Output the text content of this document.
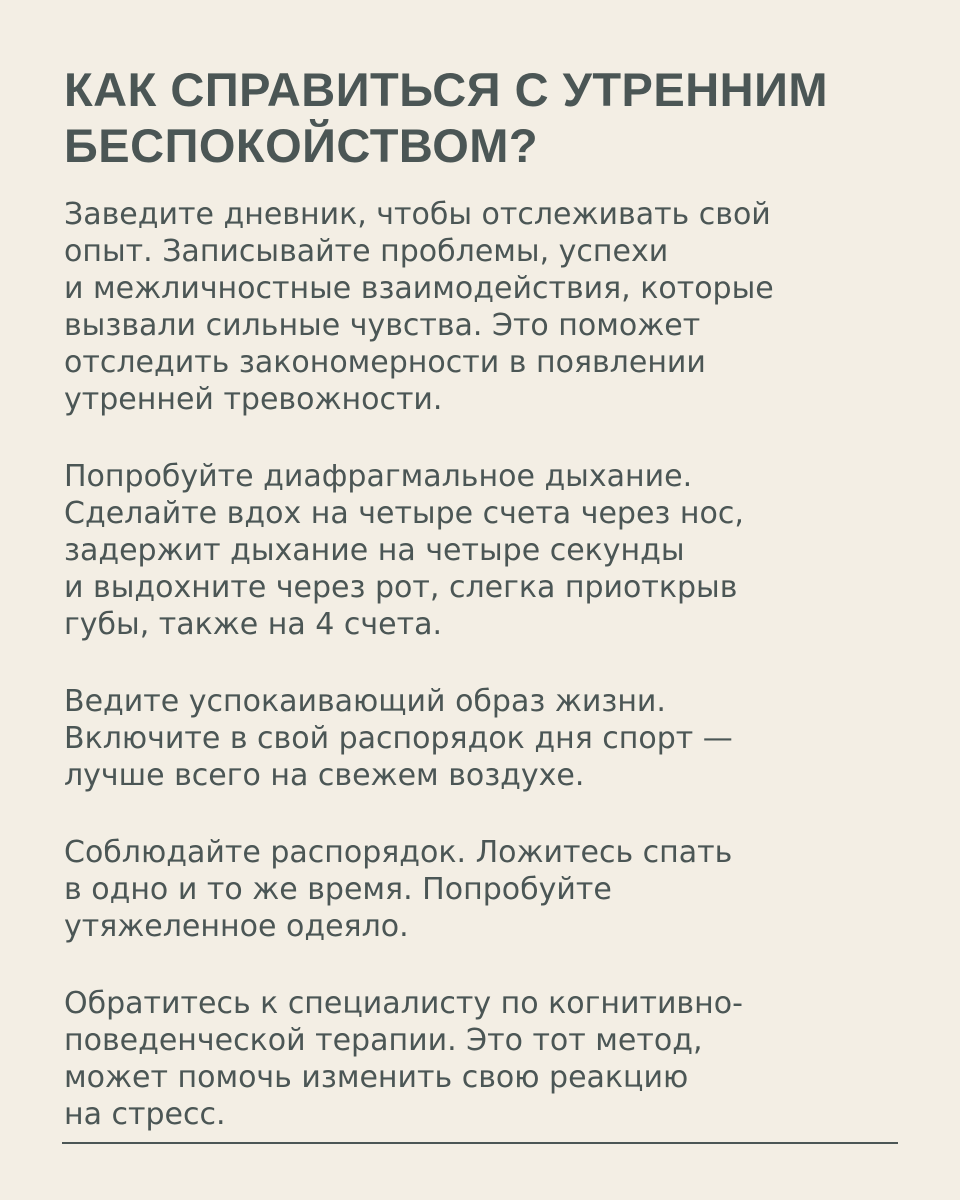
КАК СПРАВИТЬСЯ С УТРЕННИМ
БЕСПОКОЙСТВОМ?

Заведите дневник, чтобы отслеживать свой
опыт. Записывайте проблемы, успехи
и межличностные взаимодействия, которые
вызвали сильные чувства. Это поможет
отследить закономерности в появлении
утренней тревожности.

Попробуйте диафрагмальное дыхание.
Сделайте вдох на четыре счета через нос,
задержит дыхание на четыре секунды
и выдохните через рот, слегка приоткрыв
губы, также на 4 счета.

Ведите успокаивающий образ жизни.
Включите в свой распорядок дня спорт —
лучше всего на свежем воздухе.

Соблюдайте распорядок. Ложитесь спать
в одно и то же время. Попробуйте
утяжеленное одеяло.

Обратитесь к специалисту по когнитивно-
поведенческой терапии. Это тот метод,
может помочь изменить свою реакцию
на стресс.
